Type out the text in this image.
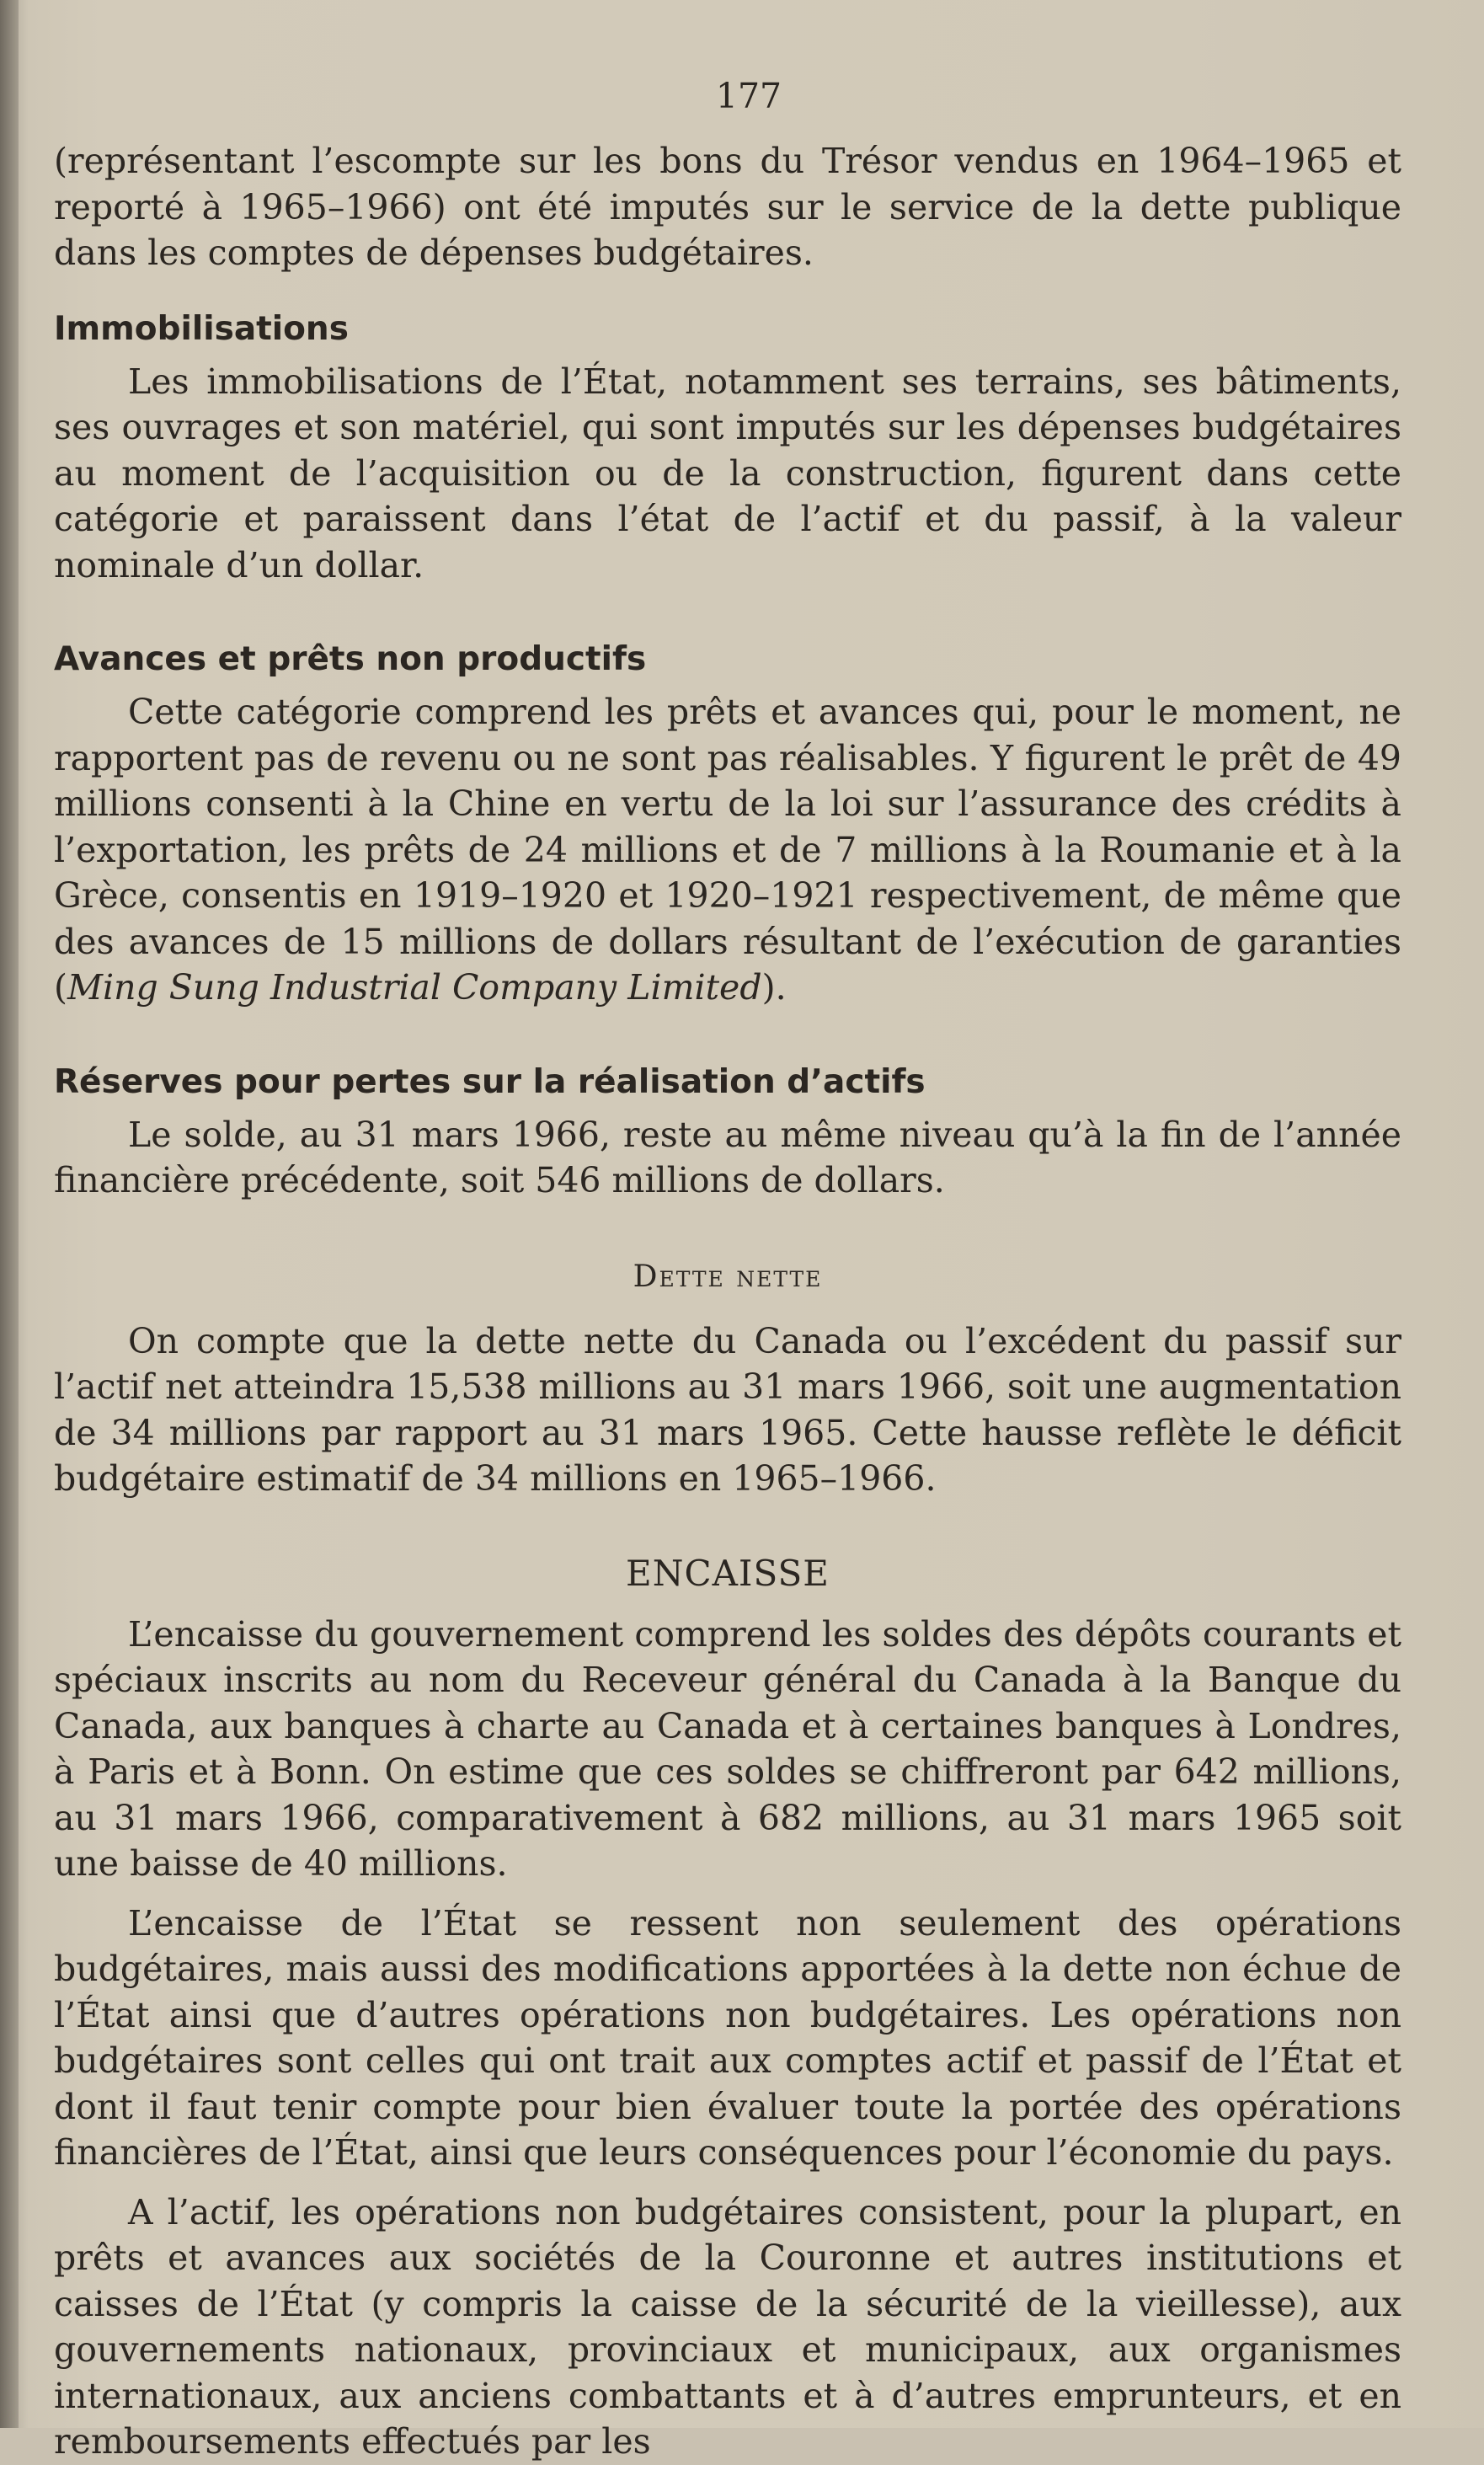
177

(représentant l’escompte sur les bons du Trésor vendus en 1964–1965 et reporté à 1965–1966) ont été imputés sur le service de la dette publique dans les comptes de dépenses budgétaires.

Immobilisations

Les immobilisations de l’État, notamment ses terrains, ses bâtiments, ses ouvrages et son matériel, qui sont imputés sur les dépenses budgétaires au moment de l’acquisition ou de la construction, figurent dans cette catégorie et paraissent dans l’état de l’actif et du passif, à la valeur nominale d’un dollar.

Avances et prêts non productifs

Cette catégorie comprend les prêts et avances qui, pour le moment, ne rapportent pas de revenu ou ne sont pas réalisables. Y figurent le prêt de 49 millions consenti à la Chine en vertu de la loi sur l’assurance des crédits à l’exportation, les prêts de 24 millions et de 7 millions à la Roumanie et à la Grèce, consentis en 1919–1920 et 1920–1921 respectivement, de même que des avances de 15 millions de dollars résultant de l’exécution de garanties (Ming Sung Industrial Company Limited).

Réserves pour pertes sur la réalisation d’actifs

Le solde, au 31 mars 1966, reste au même niveau qu’à la fin de l’année financière précédente, soit 546 millions de dollars.

Dette nette

On compte que la dette nette du Canada ou l’excédent du passif sur l’actif net atteindra 15,538 millions au 31 mars 1966, soit une augmentation de 34 millions par rapport au 31 mars 1965. Cette hausse reflète le déficit budgétaire estimatif de 34 millions en 1965–1966.

ENCAISSE

L’encaisse du gouvernement comprend les soldes des dépôts courants et spéciaux inscrits au nom du Receveur général du Canada à la Banque du Canada, aux banques à charte au Canada et à certaines banques à Londres, à Paris et à Bonn. On estime que ces soldes se chiffreront par 642 millions, au 31 mars 1966, comparativement à 682 millions, au 31 mars 1965 soit une baisse de 40 millions.

L’encaisse de l’État se ressent non seulement des opérations budgétaires, mais aussi des modifications apportées à la dette non échue de l’État ainsi que d’autres opérations non budgétaires. Les opérations non budgétaires sont celles qui ont trait aux comptes actif et passif de l’État et dont il faut tenir compte pour bien évaluer toute la portée des opérations financières de l’État, ainsi que leurs conséquences pour l’économie du pays.

A l’actif, les opérations non budgétaires consistent, pour la plupart, en prêts et avances aux sociétés de la Couronne et autres institutions et caisses de l’État (y compris la caisse de la sécurité de la vieillesse), aux gouvernements nationaux, provinciaux et municipaux, aux organismes internationaux, aux anciens combattants et à d’autres emprunteurs, et en remboursements effectués par les
